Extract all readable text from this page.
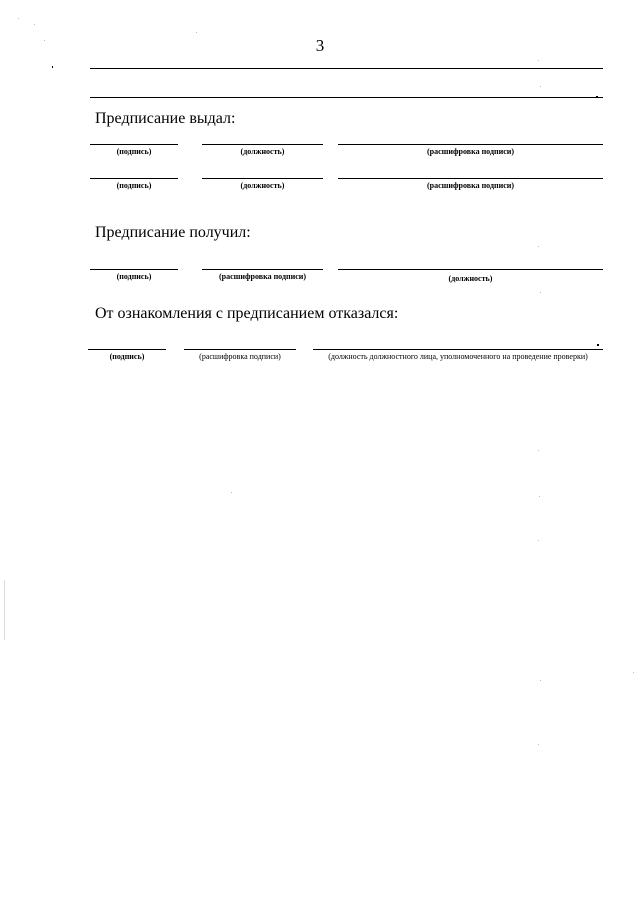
3
Предписание выдал:
(подпись)	(должность)	(расшифровка подписи)
(подпись)	(должность)	(расшифровка подписи)
Предписание получил:
(подпись)	(расшифровка подписи)	(должность)
От ознакомления с предписанием отказался:
(подпись)	(расшифровка подписи)	(должность должностного лица, уполномоченного на проведение проверки)
